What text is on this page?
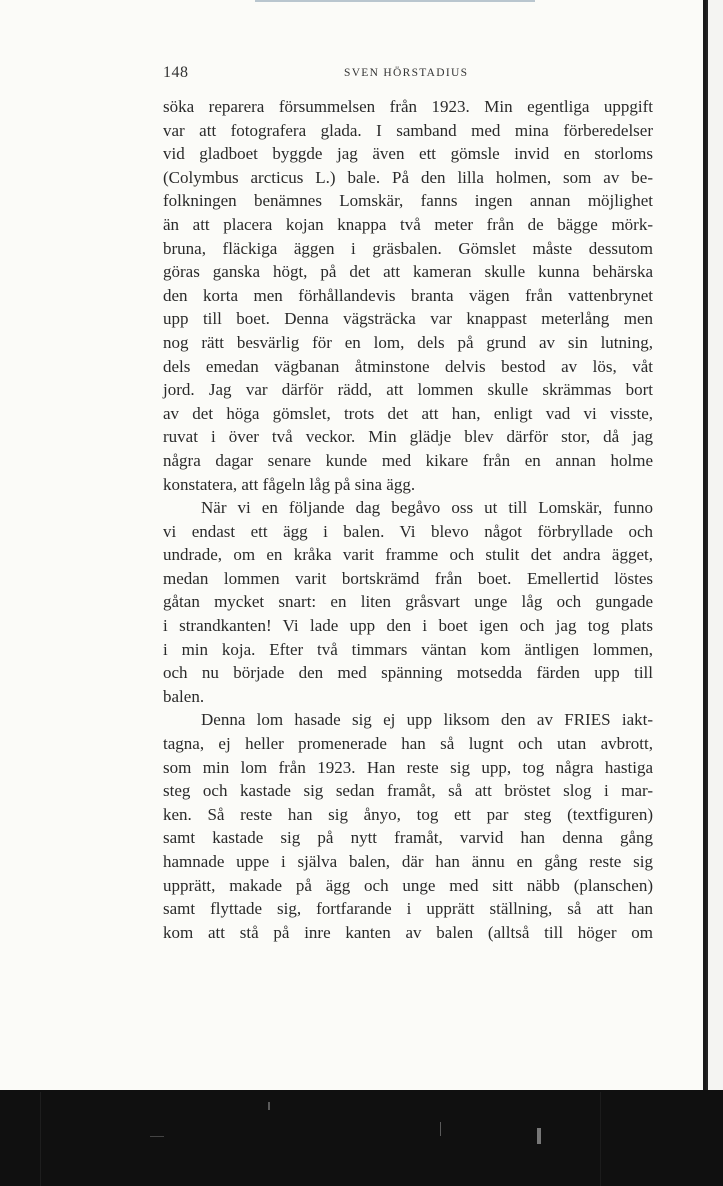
148	SVEN HÖRSTADIUS
söka reparera försummelsen från 1923. Min egentliga uppgift
var att fotografera glada. I samband med mina förberedelser
vid gladboet byggde jag även ett gömsle invid en storloms
(Colymbus arcticus L.) bale. På den lilla holmen, som av be-
folkningen benämnes Lomskär, fanns ingen annan möjlighet
än att placera kojan knappa två meter från de bägge mörk-
bruna, fläckiga äggen i gräsbalen. Gömslet måste dessutom
göras ganska högt, på det att kameran skulle kunna behärska
den korta men förhållandevis branta vägen från vattenbrynet
upp till boet. Denna vägsträcka var knappast meterlång men
nog rätt besvärlig för en lom, dels på grund av sin lutning,
dels emedan vägbanan åtminstone delvis bestod av lös, våt
jord. Jag var därför rädd, att lommen skulle skrämmas bort
av det höga gömslet, trots det att han, enligt vad vi visste,
ruvat i över två veckor. Min glädje blev därför stor, då jag
några dagar senare kunde med kikare från en annan holme
konstatera, att fågeln låg på sina ägg.
När vi en följande dag begåvo oss ut till Lomskär, funno
vi endast ett ägg i balen. Vi blevo något förbryllade och
undrade, om en kråka varit framme och stulit det andra ägget,
medan lommen varit bortskrämd från boet. Emellertid löstes
gåtan mycket snart: en liten gråsvart unge låg och gungade
i strandkanten! Vi lade upp den i boet igen och jag tog plats
i min koja. Efter två timmars väntan kom äntligen lommen,
och nu började den med spänning motsedda färden upp till
balen.
Denna lom hasade sig ej upp liksom den av FRIES iakt-
tagna, ej heller promenerade han så lugnt och utan avbrott,
som min lom från 1923. Han reste sig upp, tog några hastiga
steg och kastade sig sedan framåt, så att bröstet slog i mar-
ken. Så reste han sig ånyo, tog ett par steg (textfiguren)
samt kastade sig på nytt framåt, varvid han denna gång
hamnade uppe i själva balen, där han ännu en gång reste sig
upprätt, makade på ägg och unge med sitt näbb (planschen)
samt flyttade sig, fortfarande i upprätt ställning, så att han
kom att stå på inre kanten av balen (alltså till höger om
